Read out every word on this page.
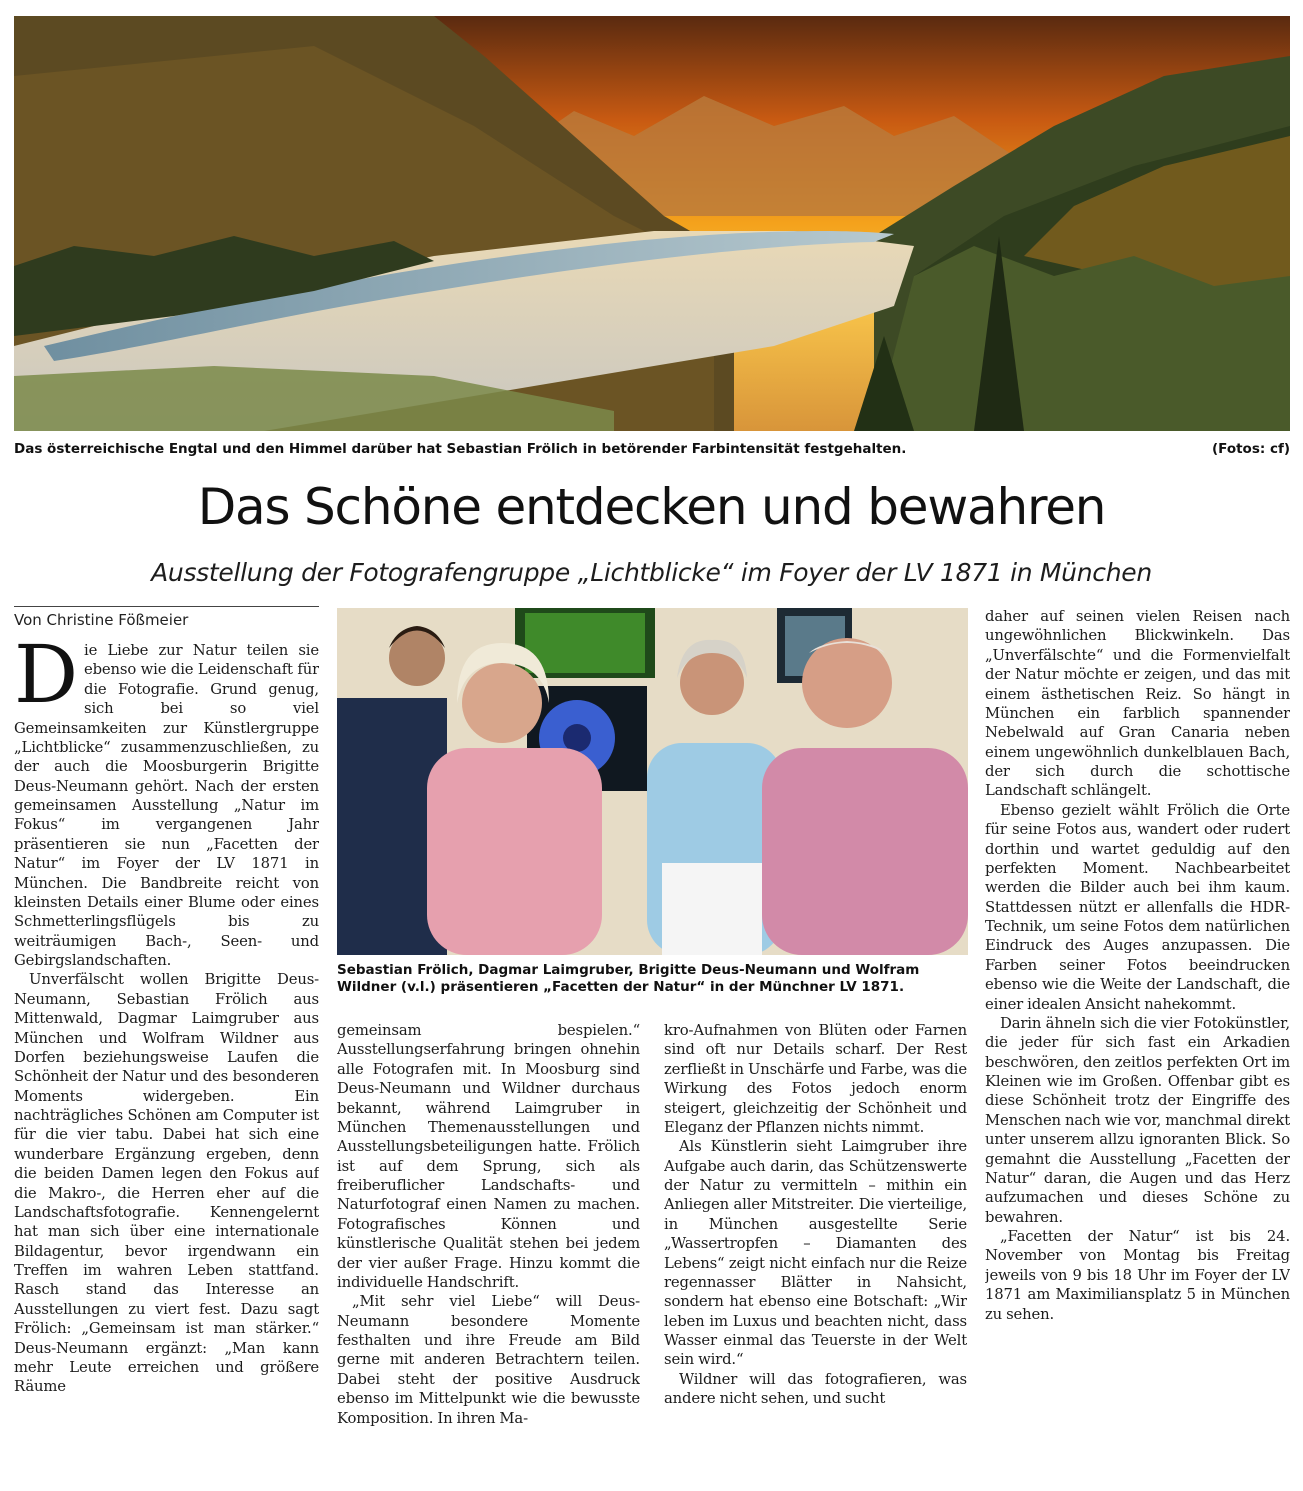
Das österreichische Engtal und den Himmel darüber hat Sebastian Frölich in betörender Farbintensität festgehalten.	(Fotos: cf)
Das Schöne entdecken und bewahren
Ausstellung der Fotografengruppe „Lichtblicke“ im Foyer der LV 1871 in München
Von Christine Fößmeier
Sebastian Frölich, Dagmar Laimgruber, Brigitte Deus-Neumann und Wolfram Wildner (v.l.) präsentieren „Facetten der Natur“ in der Münchner LV 1871.

Die Liebe zur Natur teilen sie ebenso wie die Leidenschaft für die Fotografie. Grund genug, sich bei so viel Gemeinsamkeiten zur Künstlergruppe „Lichtblicke“ zusammenzuschließen, zu der auch die Moosburgerin Brigitte Deus-Neumann gehört. Nach der ersten gemeinsamen Ausstellung „Natur im Fokus“ im vergangenen Jahr präsentieren sie nun „Facetten der Natur“ im Foyer der LV 1871 in München. Die Bandbreite reicht von kleinsten Details einer Blume oder eines Schmetterlingsflügels bis zu weiträumigen Bach-, Seen- und Gebirgslandschaften.

Unverfälscht wollen Brigitte Deus-Neumann, Sebastian Frölich aus Mittenwald, Dagmar Laimgruber aus München und Wolfram Wildner aus Dorfen beziehungsweise Laufen die Schönheit der Natur und des besonderen Moments widergeben. Ein nachträgliches Schönen am Computer ist für die vier tabu. Dabei hat sich eine wunderbare Ergänzung ergeben, denn die beiden Damen legen den Fokus auf die Makro-, die Herren eher auf die Landschaftsfotografie. Kennengelernt hat man sich über eine internationale Bildagentur, bevor irgendwann ein Treffen im wahren Leben stattfand. Rasch stand das Interesse an Ausstellungen zu viert fest. Dazu sagt Frölich: „Gemeinsam ist man stärker.“ Deus-Neumann ergänzt: „Man kann mehr Leute erreichen und größere Räume

gemeinsam bespielen.“ Ausstellungserfahrung bringen ohnehin alle Fotografen mit. In Moosburg sind Deus-Neumann und Wildner durchaus bekannt, während Laimgruber in München Themenausstellungen und Ausstellungsbeteiligungen hatte. Frölich ist auf dem Sprung, sich als freiberuflicher Landschafts- und Naturfotograf einen Namen zu machen. Fotografisches Können und künstlerische Qualität stehen bei jedem der vier außer Frage. Hinzu kommt die individuelle Handschrift.

„Mit sehr viel Liebe“ will Deus-Neumann besondere Momente festhalten und ihre Freude am Bild gerne mit anderen Betrachtern teilen. Dabei steht der positive Ausdruck ebenso im Mittelpunkt wie die bewusste Komposition. In ihren Ma-

kro-Aufnahmen von Blüten oder Farnen sind oft nur Details scharf. Der Rest zerfließt in Unschärfe und Farbe, was die Wirkung des Fotos jedoch enorm steigert, gleichzeitig der Schönheit und Eleganz der Pflanzen nichts nimmt.

Als Künstlerin sieht Laimgruber ihre Aufgabe auch darin, das Schützenswerte der Natur zu vermitteln – mithin ein Anliegen aller Mitstreiter. Die vierteilige, in München ausgestellte Serie „Wassertropfen – Diamanten des Lebens“ zeigt nicht einfach nur die Reize regennasser Blätter in Nahsicht, sondern hat ebenso eine Botschaft: „Wir leben im Luxus und beachten nicht, dass Wasser einmal das Teuerste in der Welt sein wird.“

Wildner will das fotografieren, was andere nicht sehen, und sucht

daher auf seinen vielen Reisen nach ungewöhnlichen Blickwinkeln. Das „Unverfälschte“ und die Formenvielfalt der Natur möchte er zeigen, und das mit einem ästhetischen Reiz. So hängt in München ein farblich spannender Nebelwald auf Gran Canaria neben einem ungewöhnlich dunkelblauen Bach, der sich durch die schottische Landschaft schlängelt.

Ebenso gezielt wählt Frölich die Orte für seine Fotos aus, wandert oder rudert dorthin und wartet geduldig auf den perfekten Moment. Nachbearbeitet werden die Bilder auch bei ihm kaum. Stattdessen nützt er allenfalls die HDR-Technik, um seine Fotos dem natürlichen Eindruck des Auges anzupassen. Die Farben seiner Fotos beeindrucken ebenso wie die Weite der Landschaft, die einer idealen Ansicht nahekommt.

Darin ähneln sich die vier Fotokünstler, die jeder für sich fast ein Arkadien beschwören, den zeitlos perfekten Ort im Kleinen wie im Großen. Offenbar gibt es diese Schönheit trotz der Eingriffe des Menschen nach wie vor, manchmal direkt unter unserem allzu ignoranten Blick. So gemahnt die Ausstellung „Facetten der Natur“ daran, die Augen und das Herz aufzumachen und dieses Schöne zu bewahren.

„Facetten der Natur“ ist bis 24. November von Montag bis Freitag jeweils von 9 bis 18 Uhr im Foyer der LV 1871 am Maximiliansplatz 5 in München zu sehen.
